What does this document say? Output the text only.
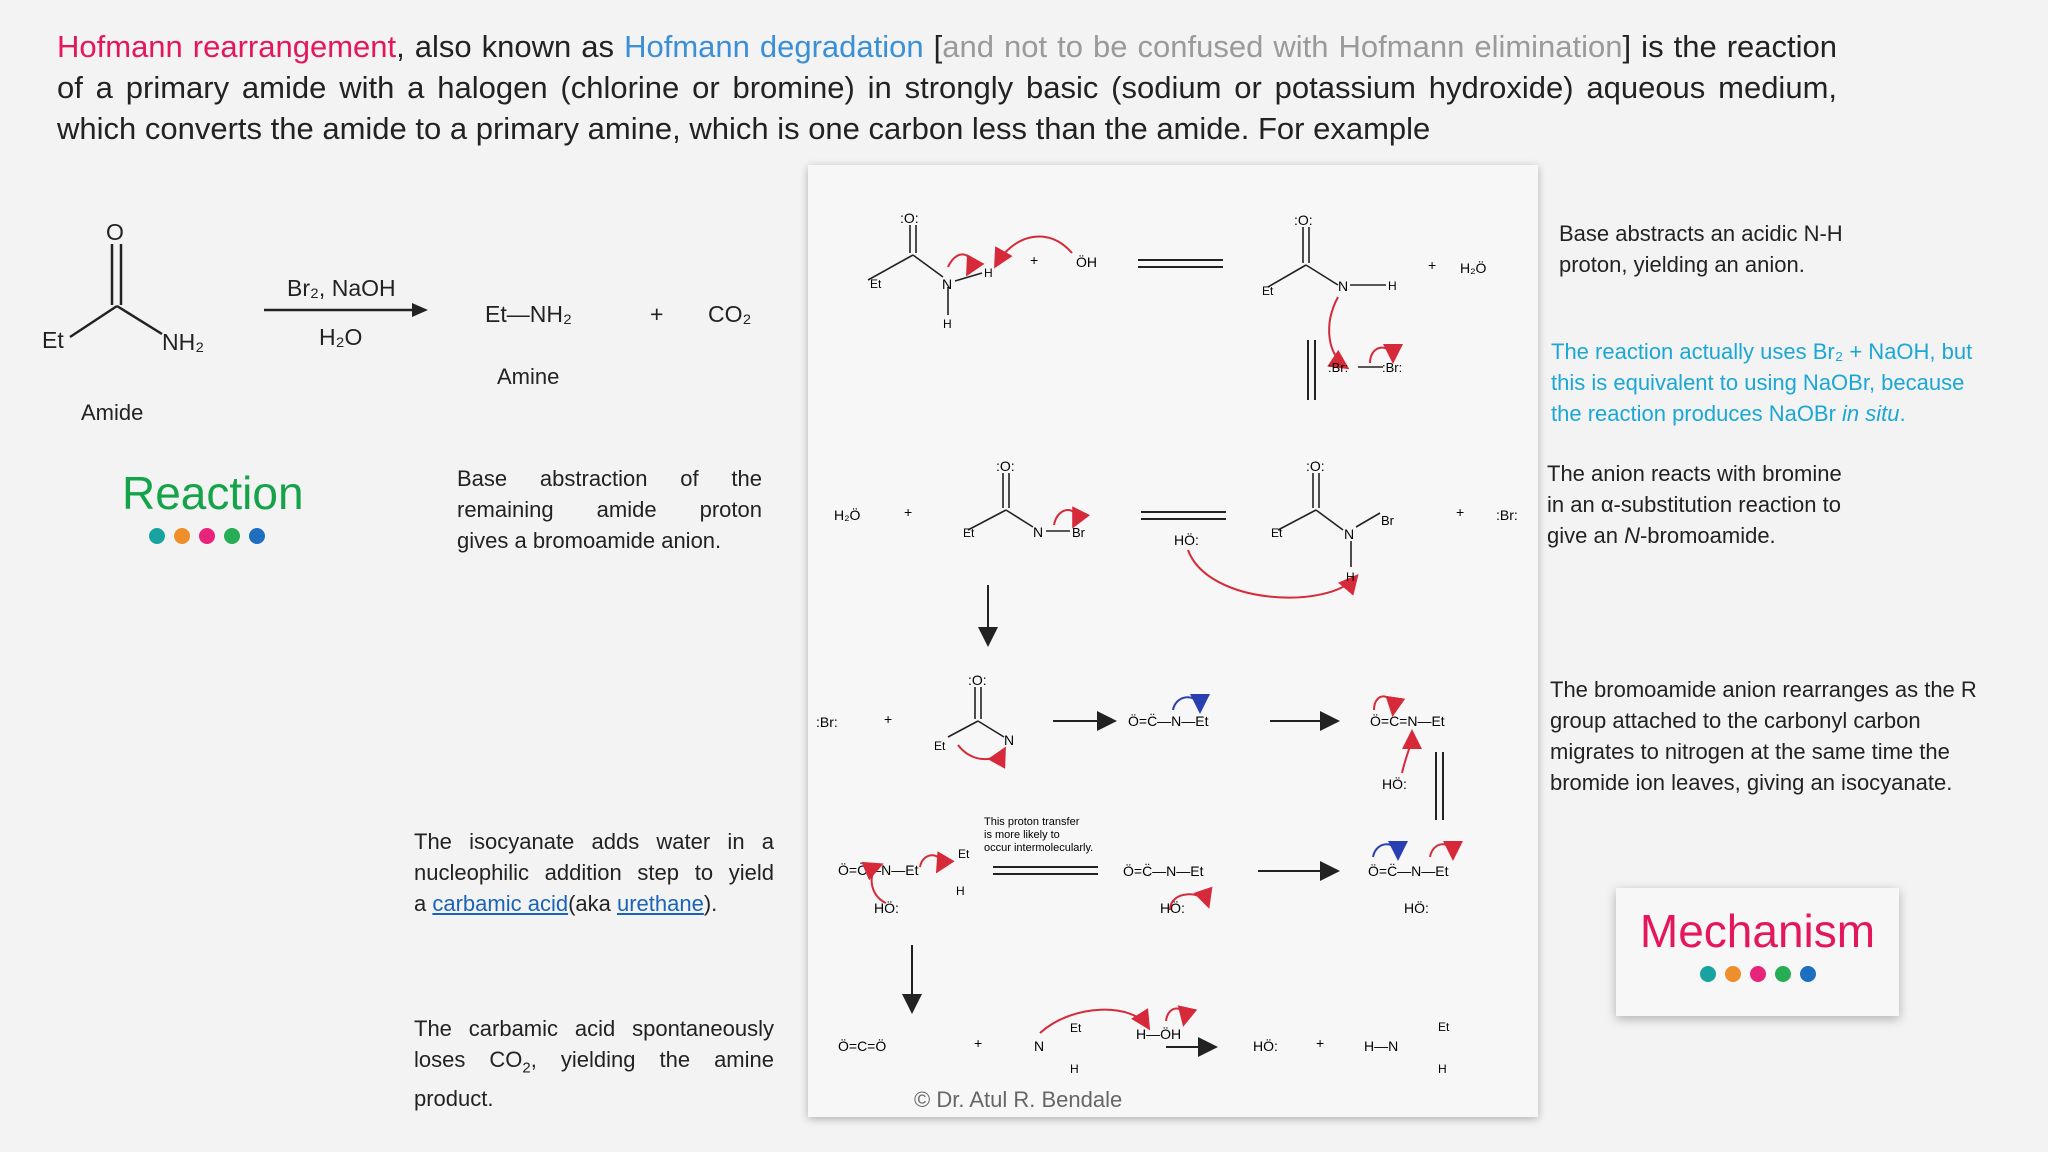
Hofmann rearrangement, also known as Hofmann degradation [and not to be confused with Hofmann elimination] is the reaction of a primary amide with a halogen (chlorine or bromine) in strongly basic (sodium or potassium hydroxide) aqueous medium, which converts the amide to a primary amine, which is one carbon less than the amide. For example
O
Et	NH₂
Br₂, NaOH
H₂O
Et—NH₂	+ CO₂
Amide
Amine
Reaction	Base abstraction of the remaining amide proton
gives a bromoamide anion.
The isocyanate adds water in a
nucleophilic addition step to yield
a carbamic acid(aka urethane).
The carbamic acid spontaneously
loses $CO_2$, yielding the amine
product.
Base abstracts an acidic N-H proton, yielding an anion.
The reaction actually uses Br₂ + NaOH, but
this is equivalent to using NaOBr, because
the reaction produces NaOBr in situ.
The anion reacts with bromine
in an α-substitution reaction to
give an N-bromoamide.
The bromoamide anion rearranges as the R
group attached to the carbonyl carbon
migrates to nitrogen at the same time the
bromide ion leaves, giving an isocyanate.
:O:
Et	N
H
H
+	ÖH
:O:
Et	N	H
+ H₂Ö
:Br:	:Br:
H₂Ö	+
:O:
Et	N Br	HÖ:
:O:
Et	N
Br
H
+ :Br:
:Br:	+
:O:
Et	N
Ö=C̈—N—Et	Ö=C=N—Et
HÖ:
Ö=C̈—N—Et
Et
H
HÖ:
This proton transfer
is more likely to
occur intermolecularly.
Ö=C̈—N—Et
HÖ:
Ö=C̈—N—Et
HÖ:
Ö=C=Ö	+	N
Et
H
H—ÖH
HÖ:	+	H—N
Et
H
© Dr. Atul R. Bendale
Mechanism
